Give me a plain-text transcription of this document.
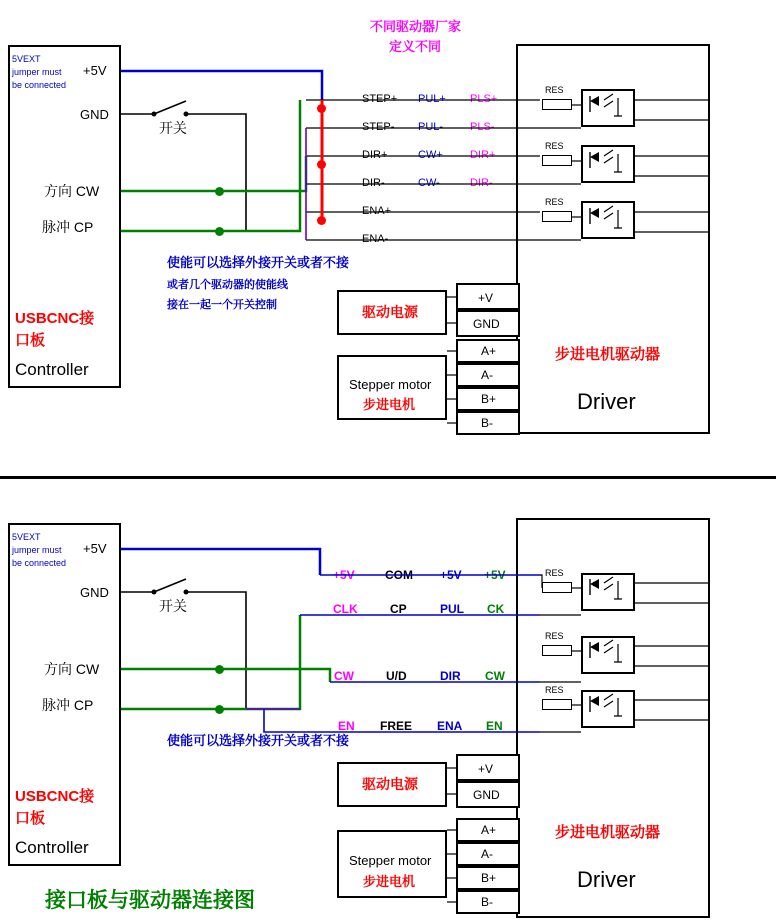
不同驱动器厂家
定义不同
5VEXT
jumper must
be connected
+5V
GND
方向 CW
脉冲 CP
USBCNC接
口板
Controller
开关
使能可以选择外接开关或者不接
或者几个驱动器的使能线
接在一起一个开关控制
STEP+ PUL+ PLS+
STEP- PUL- PLS-
DIR+	CW+ DIR+
DIR-	CW-	DIR-
ENA+
ENA-
RES
RES
RES
+V
GND
A+
A-
B+
B-
步进电机驱动器
Driver
驱动电源
Stepper motor
步进电机
5VEXT
jumper must
be connected
+5V
GND
方向 CW
脉冲 CP
USBCNC接
口板
Controller
开关
使能可以选择外接开关或者不接
+5V	COM +5V +5V
CLK	CP	PUL CK
CW	U/D	DIR CW
EN FREE ENA EN
RES
RES
RES
+V
GND
A+
A-
B+
B-
步进电机驱动器
Driver
驱动电源
Stepper motor
步进电机
接口板与驱动器连接图
